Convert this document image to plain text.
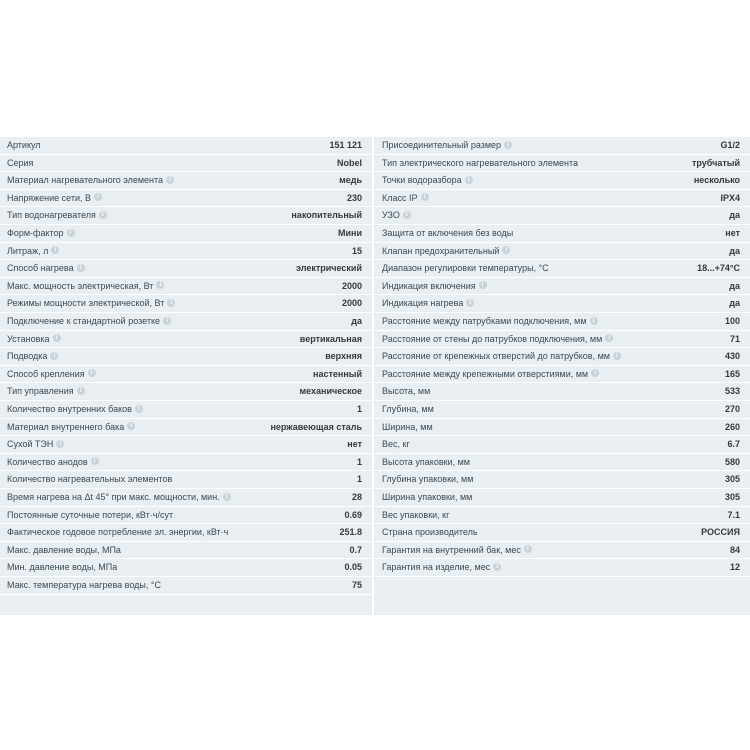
Артикул	151 121
Серия	Nobel
Материал нагревательного элемента i	медь
Напряжение сети, В i	230
Тип водонагревателя i	накопительный
Форм-фактор i	Мини
Литраж, л i	15
Способ нагрева i	электрический
Макс. мощность электрическая, Вт i	2000
Режимы мощности электрической, Вт i	2000
Подключение к стандартной розетке i	да
Установка i	вертикальная
Подводка i	верхняя
Способ крепления i	настенный
Тип управления i	механическое
Количество внутренних баков i	1
Материал внутреннего бака i	нержавеющая сталь
Сухой ТЭН i	нет
Количество анодов i	1
Количество нагревательных элементов	1
Время нагрева на Δt 45° при макс. мощности, мин. i	28
Постоянные суточные потери, кВт·ч/сут	0.69
Фактическое годовое потребление эл. энергии, кВт·ч	251.8
Макс. давление воды, МПа	0.7
Мин. давление воды, МПа	0.05
Макс. температура нагрева воды, °С	75
Присоединительный размер i	G1/2
Тип электрического нагревательного элемента	трубчатый
Точки водоразбора i	несколько
Класс IP i	IPX4
УЗО i	да
Защита от включения без воды	нет
Клапан предохранительный i	да
Диапазон регулировки температуры, °С	18...+74°С
Индикация включения i	да
Индикация нагрева i	да
Расстояние между патрубками подключения, мм i	100
Расстояние от стены до патрубков подключения, мм i	71
Расстояние от крепежных отверстий до патрубков, мм i	430
Расстояние между крепежными отверстиями, мм i	165
Высота, мм	533
Глубина, мм	270
Ширина, мм	260
Вес, кг	6.7
Высота упаковки, мм	580
Глубина упаковки, мм	305
Ширина упаковки, мм	305
Вес упаковки, кг	7.1
Страна производитель	РОССИЯ
Гарантия на внутренний бак, мес i	84
Гарантия на изделие, мес i	12
